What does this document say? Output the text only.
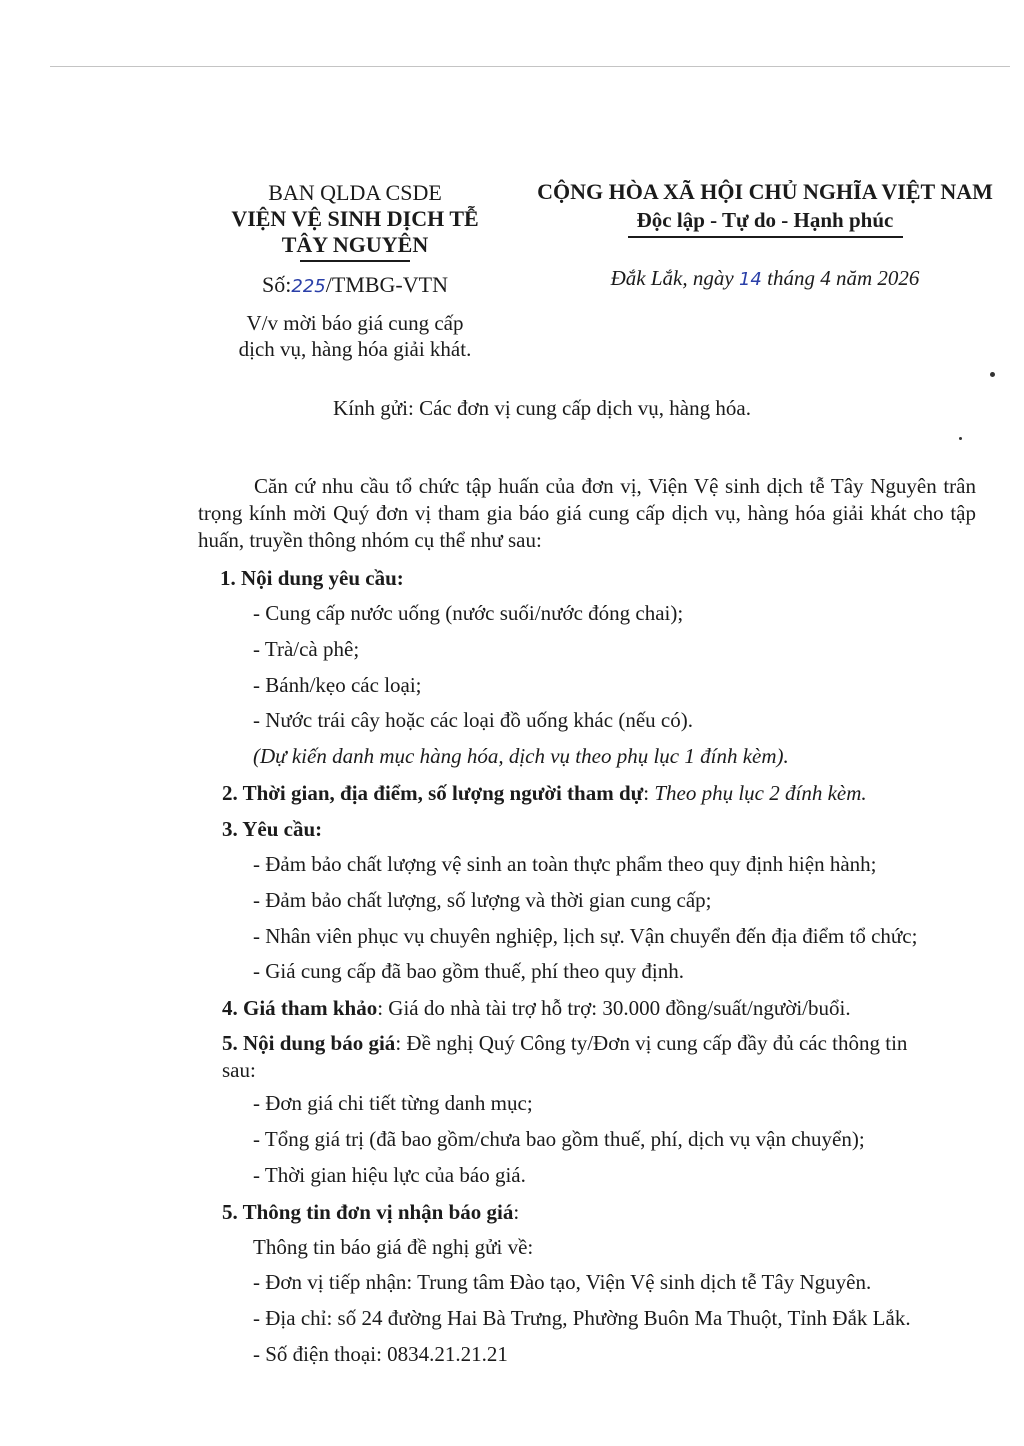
BAN QLDA CSDE
VIỆN VỆ SINH DỊCH TỄ
TÂY NGUYÊN
Số:225/TMBG-VTN
V/v mời báo giá cung cấp
dịch vụ, hàng hóa giải khát.
CỘNG HÒA XÃ HỘI CHỦ NGHĨA VIỆT NAM
Độc lập - Tự do - Hạnh phúc
Đắk Lắk, ngày 14 tháng 4 năm 2026
Kính gửi: Các đơn vị cung cấp dịch vụ, hàng hóa.

Căn cứ nhu cầu tổ chức tập huấn của đơn vị, Viện Vệ sinh dịch tễ Tây Nguyên trân trọng kính mời Quý đơn vị tham gia báo giá cung cấp dịch vụ, hàng hóa giải khát cho tập huấn, truyền thông nhóm cụ thể như sau:

1. Nội dung yêu cầu:

- Cung cấp nước uống (nước suối/nước đóng chai);

- Trà/cà phê;

- Bánh/kẹo các loại;

- Nước trái cây hoặc các loại đồ uống khác (nếu có).

(Dự kiến danh mục hàng hóa, dịch vụ theo phụ lục 1 đính kèm).

2. Thời gian, địa điểm, số lượng người tham dự: Theo phụ lục 2 đính kèm.

3. Yêu cầu:

- Đảm bảo chất lượng vệ sinh an toàn thực phẩm theo quy định hiện hành;

- Đảm bảo chất lượng, số lượng và thời gian cung cấp;

- Nhân viên phục vụ chuyên nghiệp, lịch sự. Vận chuyển đến địa điểm tổ chức;

- Giá cung cấp đã bao gồm thuế, phí theo quy định.

4. Giá tham khảo: Giá do nhà tài trợ hỗ trợ: 30.000 đồng/suất/người/buổi.

5. Nội dung báo giá: Đề nghị Quý Công ty/Đơn vị cung cấp đầy đủ các thông tin
sau:

- Đơn giá chi tiết từng danh mục;

- Tổng giá trị (đã bao gồm/chưa bao gồm thuế, phí, dịch vụ vận chuyển);

- Thời gian hiệu lực của báo giá.

5. Thông tin đơn vị nhận báo giá:

Thông tin báo giá đề nghị gửi về:

- Đơn vị tiếp nhận: Trung tâm Đào tạo, Viện Vệ sinh dịch tễ Tây Nguyên.

- Địa chỉ: số 24 đường Hai Bà Trưng, Phường Buôn Ma Thuột, Tỉnh Đắk Lắk.

- Số điện thoại: 0834.21.21.21
